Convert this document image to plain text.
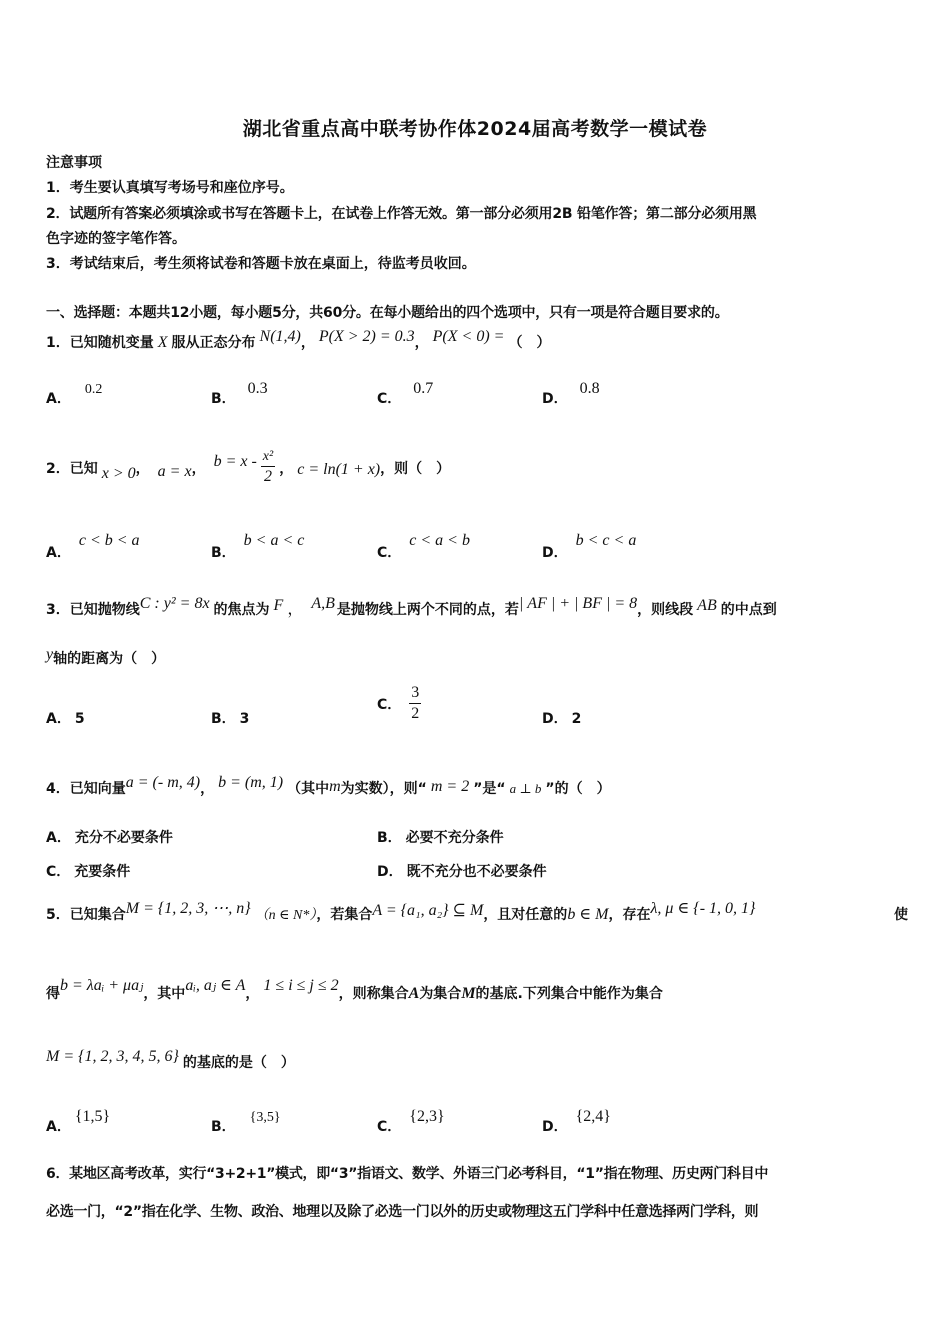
湖北省重点高中联考协作体2024届高考数学一模试卷
注意事项
1．考生要认真填写考场号和座位序号。
2．试题所有答案必须填涂或书写在答题卡上，在试卷上作答无效。第一部分必须用2B 铅笔作答；第二部分必须用黑
色字迹的签字笔作答。
3．考试结束后，考生须将试卷和答题卡放在桌面上，待监考员收回。
一、选择题：本题共12小题，每小题5分，共60分。在每小题给出的四个选项中，只有一项是符合题目要求的。
1．已知随机变量 X 服从正态分布 N(1,4)， P(X > 2) = 0.3， P(X < 0) = （　）
A．0.2
B．0.3
C．0.7
D．0.8
2．已知 x > 0 ， a = x ， $b = x - \frac{\text{x²}}{2}$ ， c = ln(1 + x) ，则（　）
A．c < b < a
B．b < a < c
C．c < a < b
D．b < c < a
3．已知抛物线C : y² = 8x 的焦点为 F ， A,B 是抛物线上两个不同的点，若| AF | + | BF | = 8，则线段 AB 的中点到
y轴的距离为（　）
A． 5	B． 3
C． $\frac{3}{2}$	D． 2
4．已知向量a = (- m, 4)， b = (m, 1) （其中m为实数），则“ m = 2 ”是“ a ⊥ b ”的（　）
A． 充分不必要条件	B． 必要不充分条件
C． 充要条件	D． 既不充分也不必要条件
5．已知集合M = {1, 2, 3, ⋯, n} （n ∈ N*），若集合A = {a₁, a₂} ⊆ M，且对任意的b ∈ M，存在λ, μ ∈ {- 1, 0, 1}	使
得b = λaᵢ + μaⱼ，其中aᵢ, aⱼ ∈ A， 1 ≤ i ≤ j ≤ 2，则称集合A为集合M的基底.下列集合中能作为集合
M = {1, 2, 3, 4, 5, 6} 的基底的是（　）
A．{1,5}
B．{3,5}
C．{2,3}
D．{2,4}
6．某地区高考改革，实行“3+2+1”模式，即“3”指语文、数学、外语三门必考科目，“1”指在物理、历史两门科目中
必选一门，“2”指在化学、生物、政治、地理以及除了必选一门以外的历史或物理这五门学科中任意选择两门学科，则
